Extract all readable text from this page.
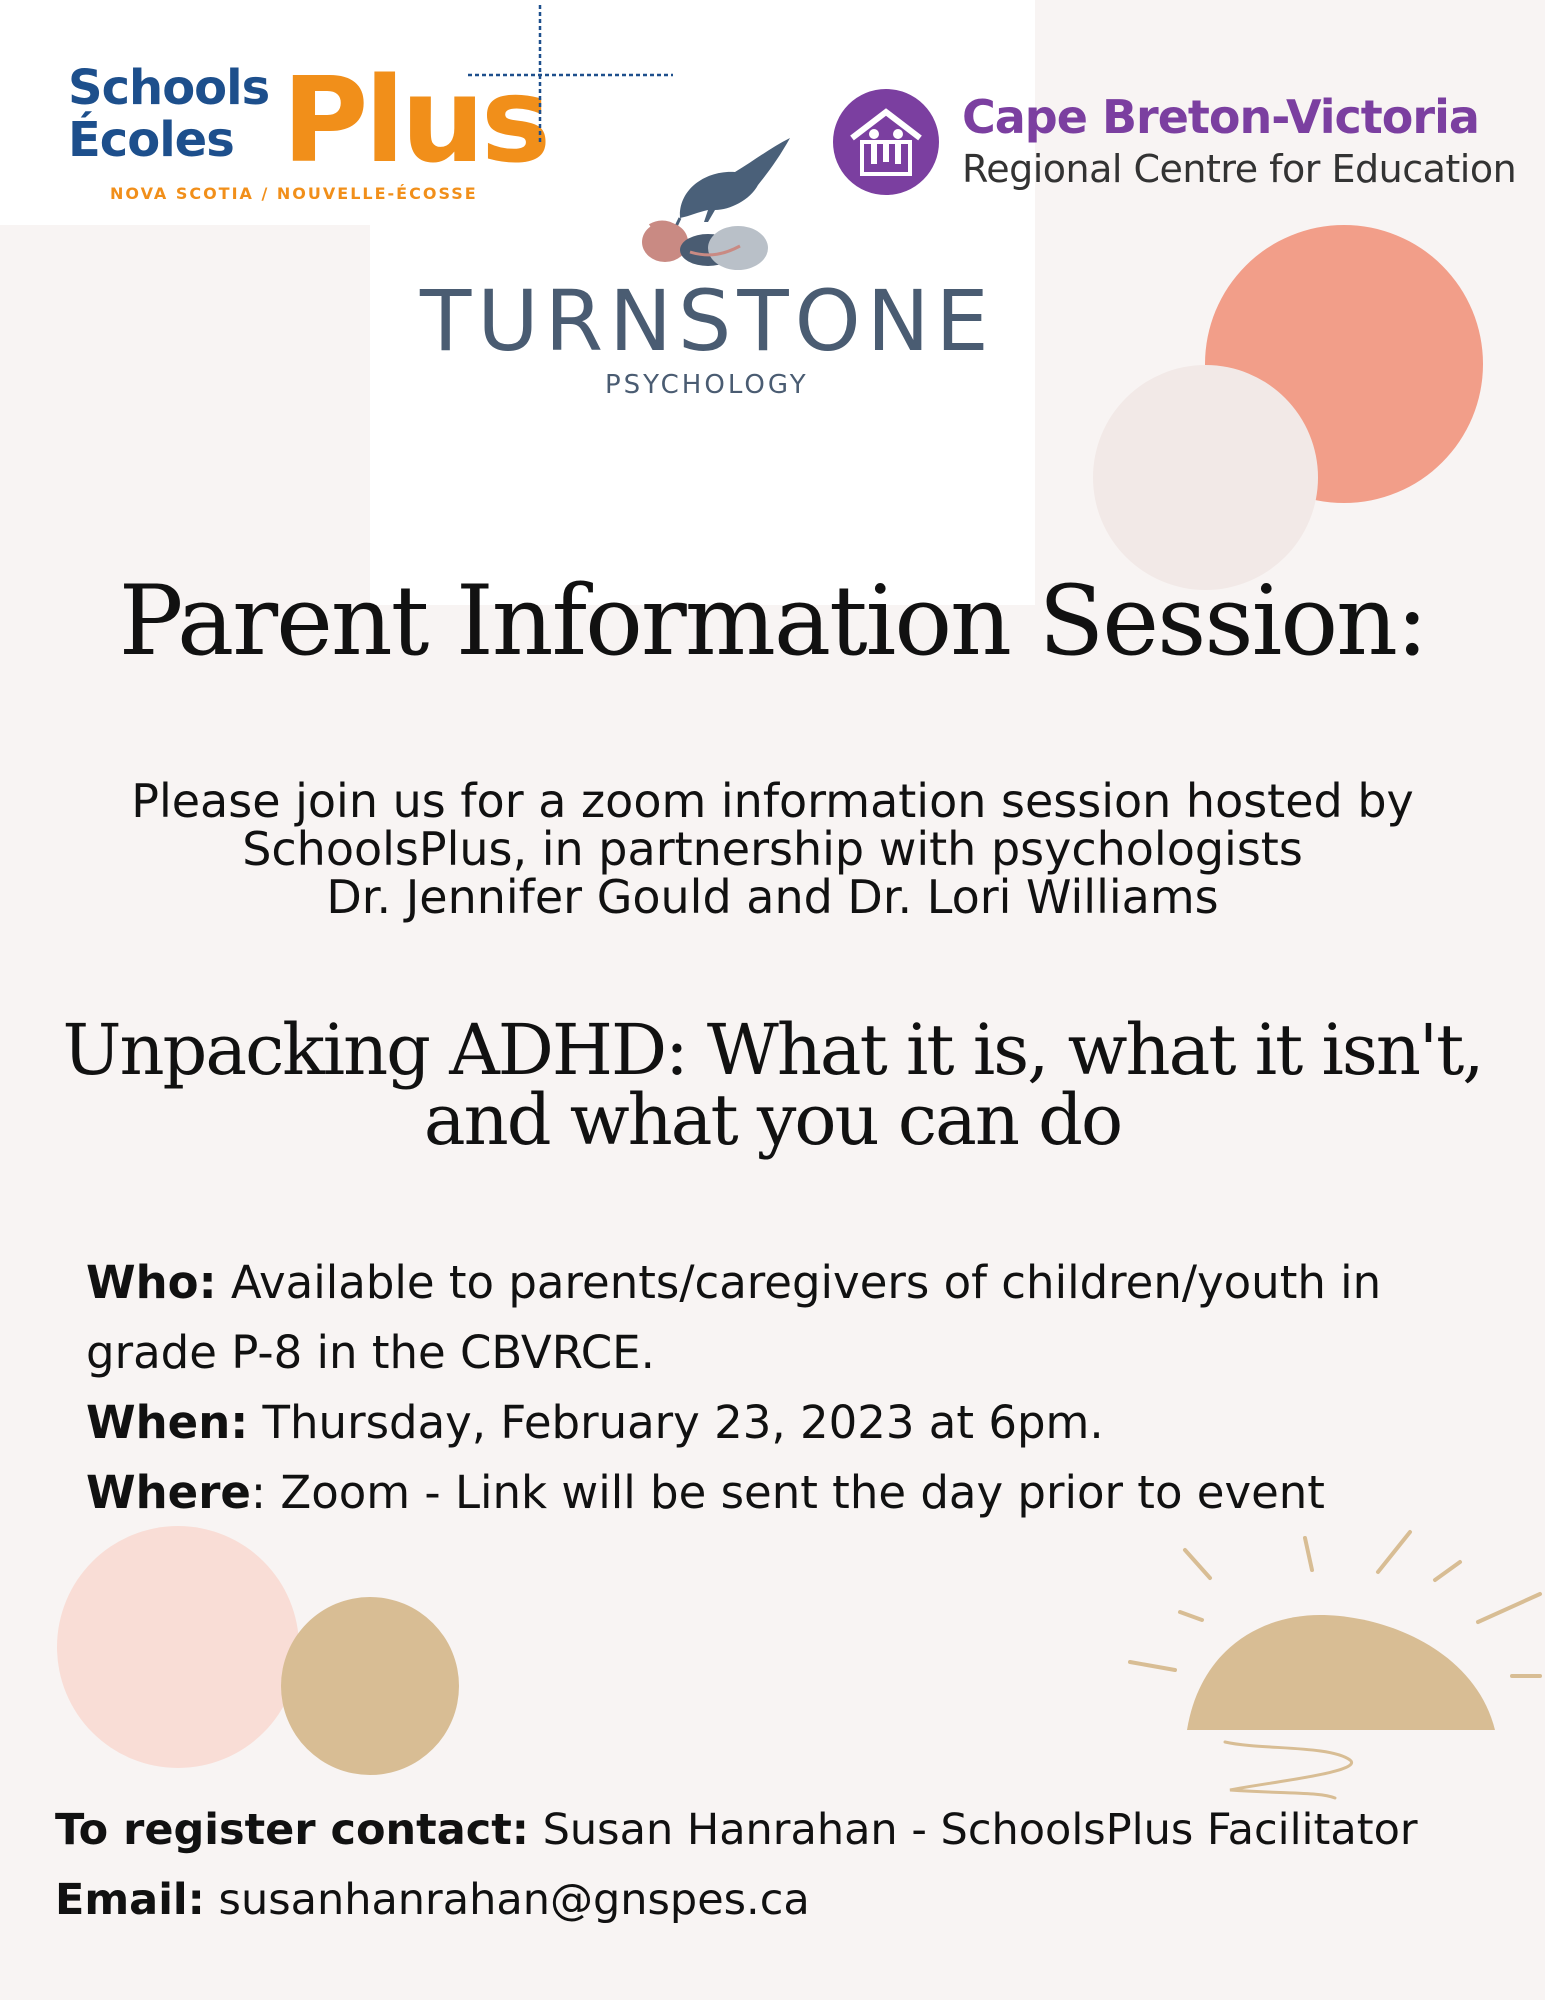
Schools
Écoles Plus
NOVA SCOTIA / NOUVELLE-ÉCOSSE
Cape Breton-Victoria
Regional Centre for Education
TURNSTONE
PSYCHOLOGY
Parent Information Session:
Please join us for a zoom information session hosted by
SchoolsPlus, in partnership with psychologists
Dr. Jennifer Gould and Dr. Lori Williams
Unpacking ADHD: What it is, what it isn't,
and what you can do
Who: Available to parents/caregivers of children/youth in
grade P-8 in the CBVRCE.
When: Thursday, February 23, 2023 at 6pm.
Where: Zoom - Link will be sent the day prior to event
To register contact: Susan Hanrahan - SchoolsPlus Facilitator
Email: susanhanrahan@gnspes.ca
